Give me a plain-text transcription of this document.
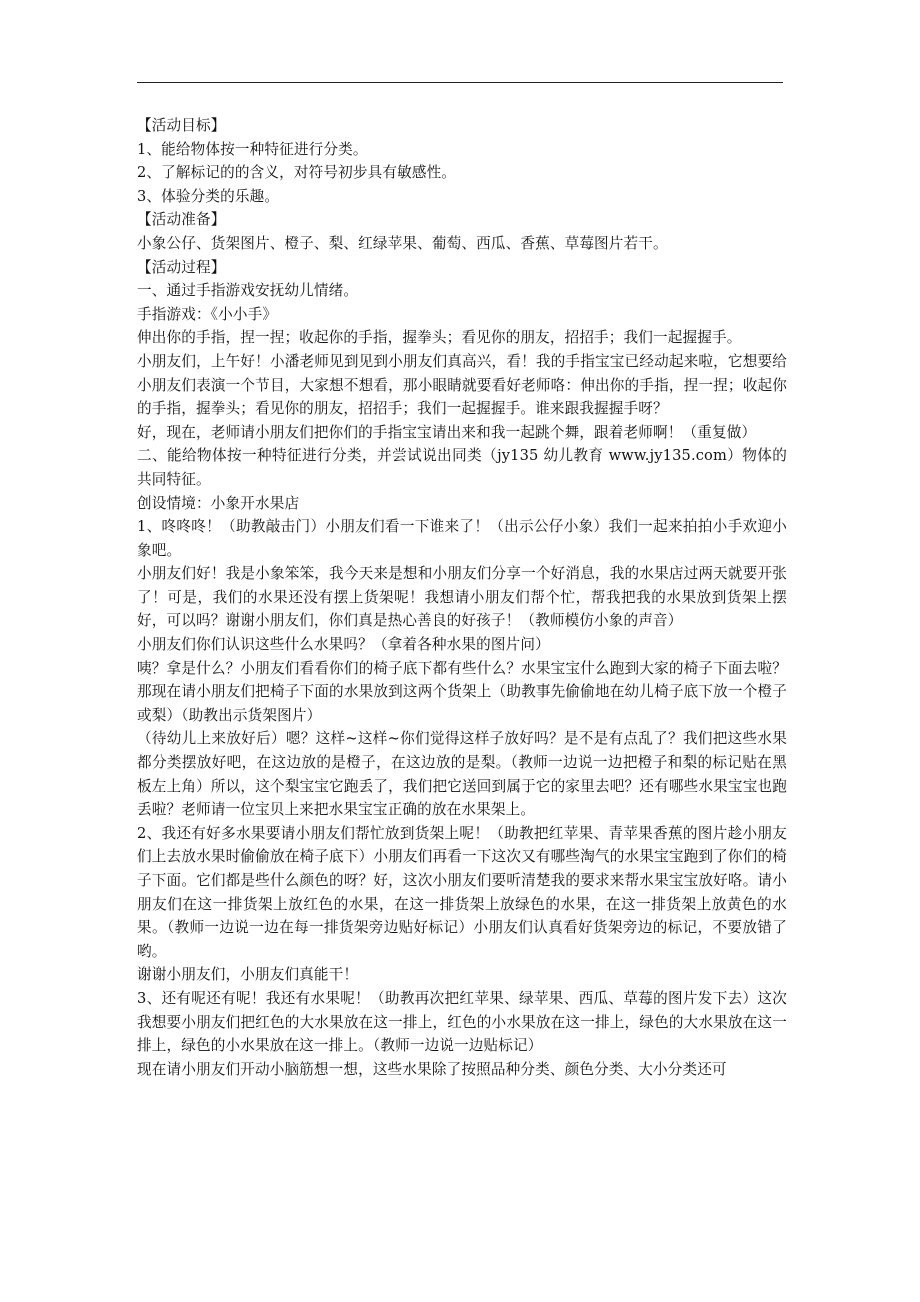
【活动目标】

1、能给物体按一种特征进行分类。

2、了解标记的的含义，对符号初步具有敏感性。

3、体验分类的乐趣。

【活动准备】

小象公仔、货架图片、橙子、梨、红绿苹果、葡萄、西瓜、香蕉、草莓图片若干。

【活动过程】

一、通过手指游戏安抚幼儿情绪。

手指游戏：《小小手》

伸出你的手指，捏一捏；收起你的手指，握拳头；看见你的朋友，招招手；我们一起握握手。

小朋友们，上午好！小潘老师见到见到小朋友们真高兴，看！我的手指宝宝已经动起来啦，它想要给小朋友们表演一个节目，大家想不想看，那小眼睛就要看好老师咯：伸出你的手指，捏一捏；收起你的手指，握拳头；看见你的朋友，招招手；我们一起握握手。谁来跟我握握手呀？

好，现在，老师请小朋友们把你们的手指宝宝请出来和我一起跳个舞，跟着老师啊！（重复做）

二、能给物体按一种特征进行分类，并尝试说出同类（jy135 幼儿教育 www.jy135.com）物体的共同特征。

创设情境：小象开水果店

1、咚咚咚！（助教敲击门）小朋友们看一下谁来了！（出示公仔小象）我们一起来拍拍小手欢迎小象吧。

小朋友们好！我是小象笨笨，我今天来是想和小朋友们分享一个好消息，我的水果店过两天就要开张了！可是，我们的水果还没有摆上货架呢！我想请小朋友们帮个忙，帮我把我的水果放到货架上摆好，可以吗？谢谢小朋友们，你们真是热心善良的好孩子！（教师模仿小象的声音）

小朋友们你们认识这些什么水果吗？（拿着各种水果的图片问）

咦？拿是什么？小朋友们看看你们的椅子底下都有些什么？水果宝宝什么跑到大家的椅子下面去啦？那现在请小朋友们把椅子下面的水果放到这两个货架上（助教事先偷偷地在幼儿椅子底下放一个橙子或梨）（助教出示货架图片）

（待幼儿上来放好后）嗯？这样~这样~你们觉得这样子放好吗？是不是有点乱了？我们把这些水果都分类摆放好吧，在这边放的是橙子，在这边放的是梨。（教师一边说一边把橙子和梨的标记贴在黑板左上角）所以，这个梨宝宝它跑丢了，我们把它送回到属于它的家里去吧？还有哪些水果宝宝也跑丢啦？老师请一位宝贝上来把水果宝宝正确的放在水果架上。

2、我还有好多水果要请小朋友们帮忙放到货架上呢！（助教把红苹果、青苹果香蕉的图片趁小朋友们上去放水果时偷偷放在椅子底下）小朋友们再看一下这次又有哪些淘气的水果宝宝跑到了你们的椅子下面。它们都是些什么颜色的呀？好，这次小朋友们要听清楚我的要求来帮水果宝宝放好咯。请小朋友们在这一排货架上放红色的水果，在这一排货架上放绿色的水果，在这一排货架上放黄色的水果。（教师一边说一边在每一排货架旁边贴好标记）小朋友们认真看好货架旁边的标记，不要放错了哟。

谢谢小朋友们，小朋友们真能干！

3、还有呢还有呢！我还有水果呢！（助教再次把红苹果、绿苹果、西瓜、草莓的图片发下去）这次我想要小朋友们把红色的大水果放在这一排上，红色的小水果放在这一排上，绿色的大水果放在这一排上，绿色的小水果放在这一排上。（教师一边说一边贴标记）

现在请小朋友们开动小脑筋想一想，这些水果除了按照品种分类、颜色分类、大小分类还可
